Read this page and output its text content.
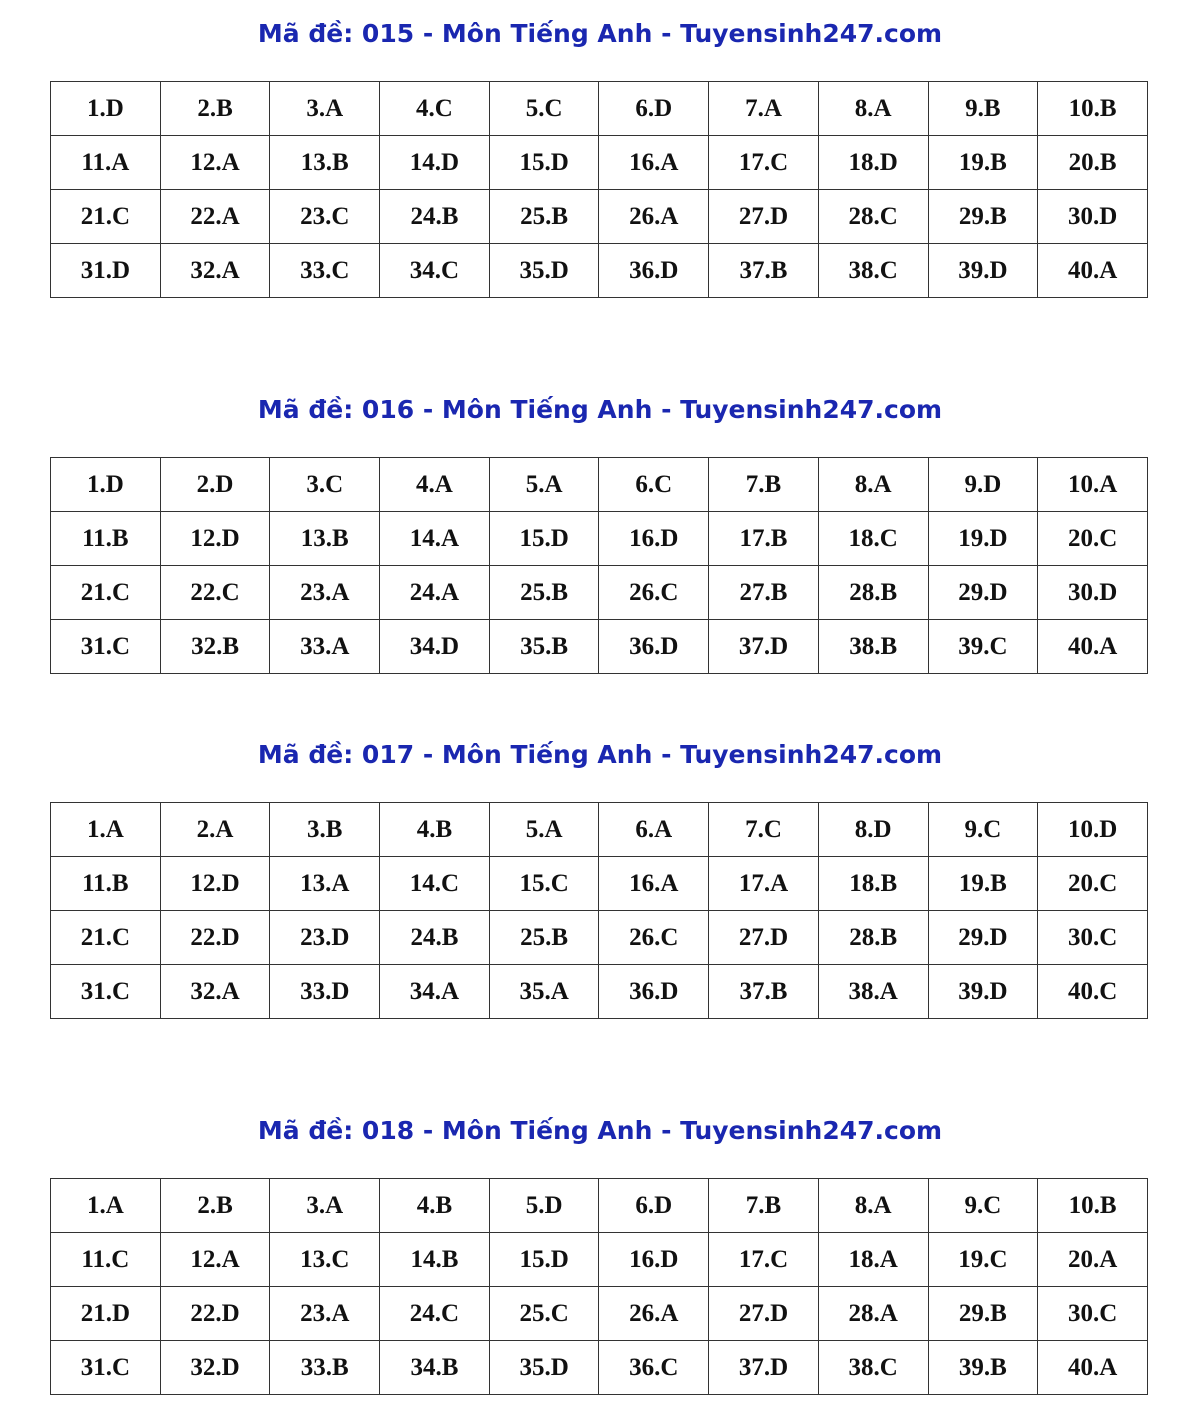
Mã đề: 015 - Môn Tiếng Anh - Tuyensinh247.com
1.D	2.B	3.A	4.C	5.C	6.D	7.A	8.A	9.B	10.B
11.A	12.A	13.B	14.D	15.D	16.A	17.C	18.D	19.B	20.B
21.C	22.A	23.C	24.B	25.B	26.A	27.D	28.C	29.B	30.D
31.D	32.A	33.C	34.C	35.D	36.D	37.B	38.C	39.D	40.A
Mã đề: 016 - Môn Tiếng Anh - Tuyensinh247.com
1.D	2.D	3.C	4.A	5.A	6.C	7.B	8.A	9.D	10.A
11.B	12.D	13.B	14.A	15.D	16.D	17.B	18.C	19.D	20.C
21.C	22.C	23.A	24.A	25.B	26.C	27.B	28.B	29.D	30.D
31.C	32.B	33.A	34.D	35.B	36.D	37.D	38.B	39.C	40.A
Mã đề: 017 - Môn Tiếng Anh - Tuyensinh247.com
1.A	2.A	3.B	4.B	5.A	6.A	7.C	8.D	9.C	10.D
11.B	12.D	13.A	14.C	15.C	16.A	17.A	18.B	19.B	20.C
21.C	22.D	23.D	24.B	25.B	26.C	27.D	28.B	29.D	30.C
31.C	32.A	33.D	34.A	35.A	36.D	37.B	38.A	39.D	40.C
Mã đề: 018 - Môn Tiếng Anh - Tuyensinh247.com
1.A	2.B	3.A	4.B	5.D	6.D	7.B	8.A	9.C	10.B
11.C	12.A	13.C	14.B	15.D	16.D	17.C	18.A	19.C	20.A
21.D	22.D	23.A	24.C	25.C	26.A	27.D	28.A	29.B	30.C
31.C	32.D	33.B	34.B	35.D	36.C	37.D	38.C	39.B	40.A
